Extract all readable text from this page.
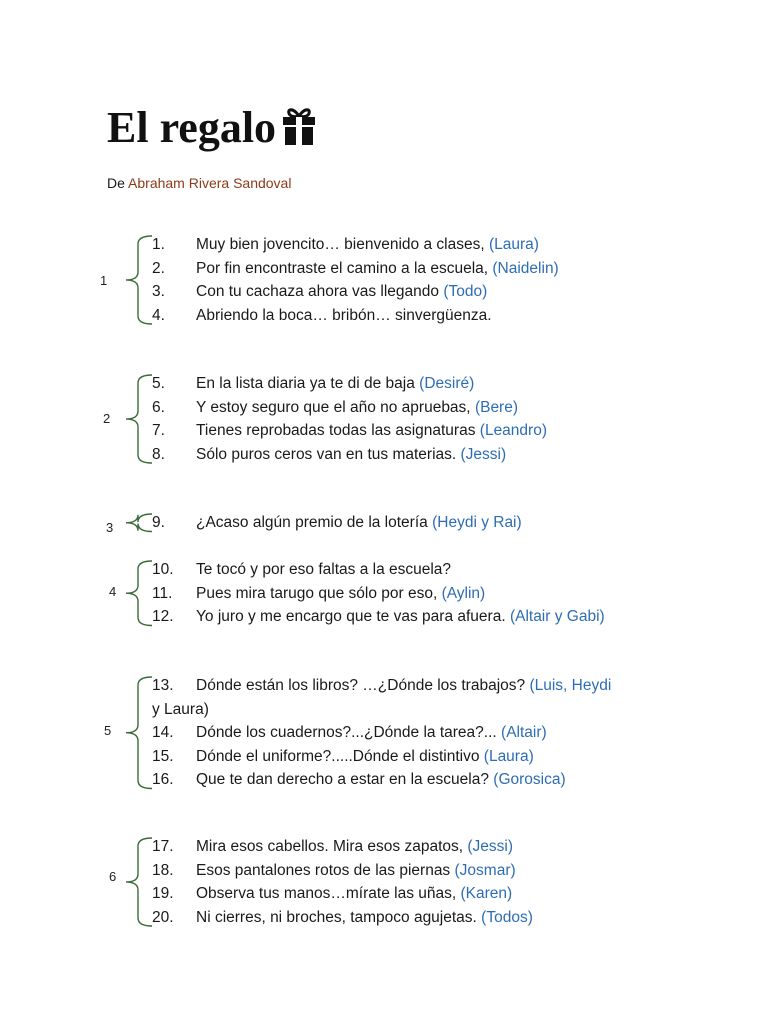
El regalo
De Abraham Rivera Sandoval
1
1. Muy bien jovencito… bienvenido a clases, (Laura)
2. Por fin encontraste el camino a la escuela, (Naidelin)
3. Con tu cachaza ahora vas llegando (Todo)
4. Abriendo la boca… bribón… sinvergüenza.
2
5. En la lista diaria ya te di de baja (Desiré)
6. Y estoy seguro que el año no apruebas, (Bere)
7. Tienes reprobadas todas las asignaturas (Leandro)
8. Sólo puros ceros van en tus materias. (Jessi)
3	9. ¿Acaso algún premio de la lotería (Heydi y Rai)
4
10. Te tocó y por eso faltas a la escuela?
11. Pues mira tarugo que sólo por eso, (Aylin)
12. Yo juro y me encargo que te vas para afuera. (Altair y Gabi)
5
13. Dónde están los libros? …¿Dónde los trabajos? (Luis, Heydi
y Laura)
14. Dónde los cuadernos?...¿Dónde la tarea?... (Altair)
15. Dónde el uniforme?.....Dónde el distintivo (Laura)
16. Que te dan derecho a estar en la escuela? (Gorosica)
6
17. Mira esos cabellos. Mira esos zapatos, (Jessi)
18. Esos pantalones rotos de las piernas (Josmar)
19. Observa tus manos…mírate las uñas, (Karen)
20. Ni cierres, ni broches, tampoco agujetas. (Todos)
